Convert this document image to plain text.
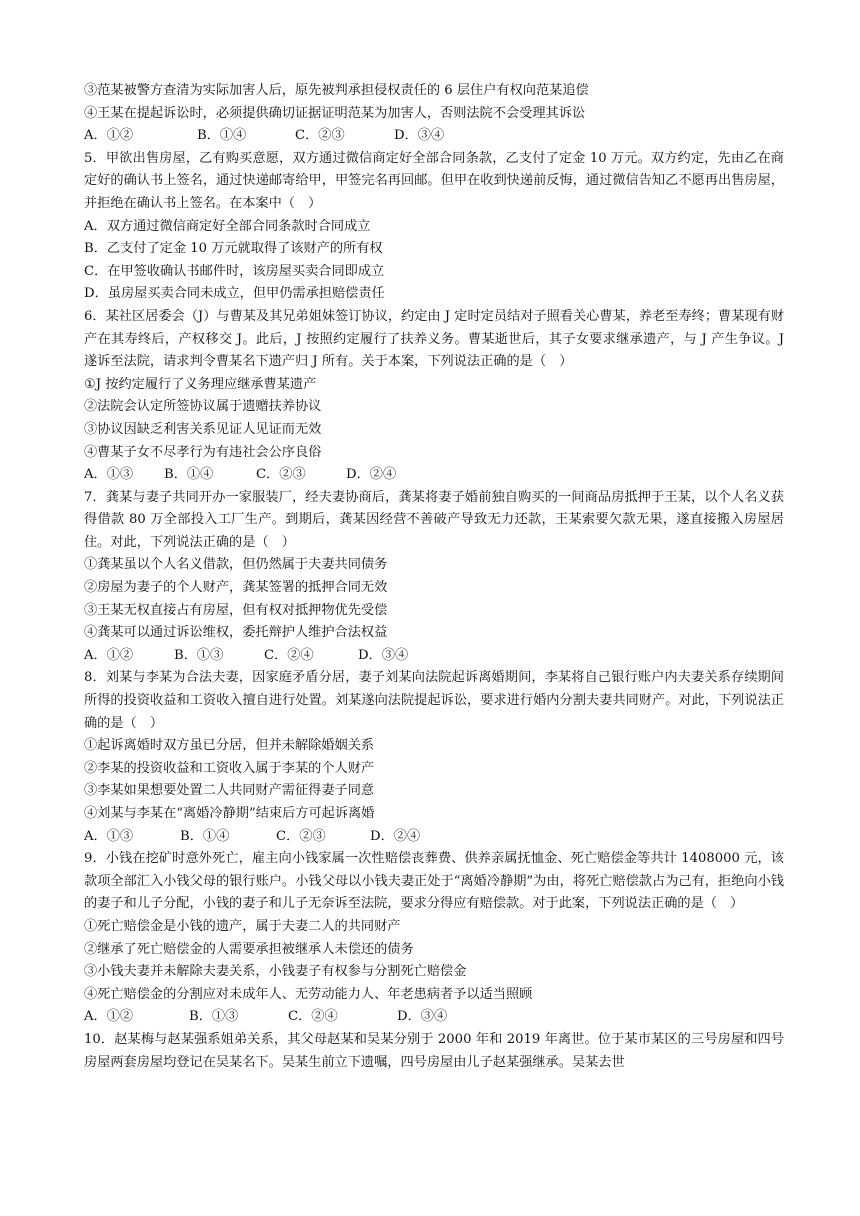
③范某被警方查清为实际加害人后，原先被判承担侵权责任的 6 层住户有权向范某追偿
④王某在提起诉讼时，必须提供确切证据证明范某为加害人，否则法院不会受理其诉讼
A．①②	B．①④	C．②③	D．③④
5．甲欲出售房屋，乙有购买意愿，双方通过微信商定好全部合同条款，乙支付了定金 10 万元。双方约定，先由乙在商定好的确认书上签名，通过快递邮寄给甲，甲签完名再回邮。但甲在收到快递前反悔，通过微信告知乙不愿再出售房屋，并拒绝在确认书上签名。在本案中（　）
A．双方通过微信商定好全部合同条款时合同成立
B．乙支付了定金 10 万元就取得了该财产的所有权
C．在甲签收确认书邮件时，该房屋买卖合同即成立
D．虽房屋买卖合同未成立，但甲仍需承担赔偿责任
6．某社区居委会（J）与曹某及其兄弟姐妹签订协议，约定由 J 定时定员结对子照看关心曹某，养老至寿终；曹某现有财产在其寿终后，产权移交 J。此后，J 按照约定履行了扶养义务。曹某逝世后，其子女要求继承遗产，与 J 产生争议。J 遂诉至法院，请求判令曹某名下遗产归 J 所有。关于本案，下列说法正确的是（　）
①J 按约定履行了义务理应继承曹某遗产
②法院会认定所签协议属于遗赠扶养协议
③协议因缺乏利害关系见证人见证而无效
④曹某子女不尽孝行为有违社会公序良俗
A．①③	B．①④	C．②③	D．②④
7．龚某与妻子共同开办一家服装厂，经夫妻协商后，龚某将妻子婚前独自购买的一间商品房抵押于王某，以个人名义获得借款 80 万全部投入工厂生产。到期后，龚某因经营不善破产导致无力还款，王某索要欠款无果，遂直接搬入房屋居住。对此，下列说法正确的是（　）
①龚某虽以个人名义借款，但仍然属于夫妻共同债务
②房屋为妻子的个人财产，龚某签署的抵押合同无效
③王某无权直接占有房屋，但有权对抵押物优先受偿
④龚某可以通过诉讼维权，委托辩护人维护合法权益
A．①②	B．①③	C．②④	D．③④
8．刘某与李某为合法夫妻，因家庭矛盾分居，妻子刘某向法院起诉离婚期间，李某将自己银行账户内夫妻关系存续期间所得的投资收益和工资收入擅自进行处置。刘某遂向法院提起诉讼，要求进行婚内分割夫妻共同财产。对此，下列说法正确的是（　）
①起诉离婚时双方虽已分居，但并未解除婚姻关系
②李某的投资收益和工资收入属于李某的个人财产
③李某如果想要处置二人共同财产需征得妻子同意
④刘某与李某在“离婚冷静期”结束后方可起诉离婚
A．①③	B．①④	C．②③	D．②④
9．小钱在挖矿时意外死亡，雇主向小钱家属一次性赔偿丧葬费、供养亲属抚恤金、死亡赔偿金等共计 1408000 元，该款项全部汇入小钱父母的银行账户。小钱父母以小钱夫妻正处于“离婚冷静期”为由，将死亡赔偿款占为己有，拒绝向小钱的妻子和儿子分配，小钱的妻子和儿子无奈诉至法院，要求分得应有赔偿款。对于此案，下列说法正确的是（　）
①死亡赔偿金是小钱的遗产，属于夫妻二人的共同财产
②继承了死亡赔偿金的人需要承担被继承人未偿还的债务
③小钱夫妻并未解除夫妻关系，小钱妻子有权参与分割死亡赔偿金
④死亡赔偿金的分割应对未成年人、无劳动能力人、年老患病者予以适当照顾
A．①②	B．①③	C．②④	D．③④
10．赵某梅与赵某强系姐弟关系，其父母赵某和吴某分别于 2000 年和 2019 年离世。位于某市某区的三号房屋和四号房屋两套房屋均登记在吴某名下。吴某生前立下遗嘱，四号房屋由儿子赵某强继承。吴某去世
